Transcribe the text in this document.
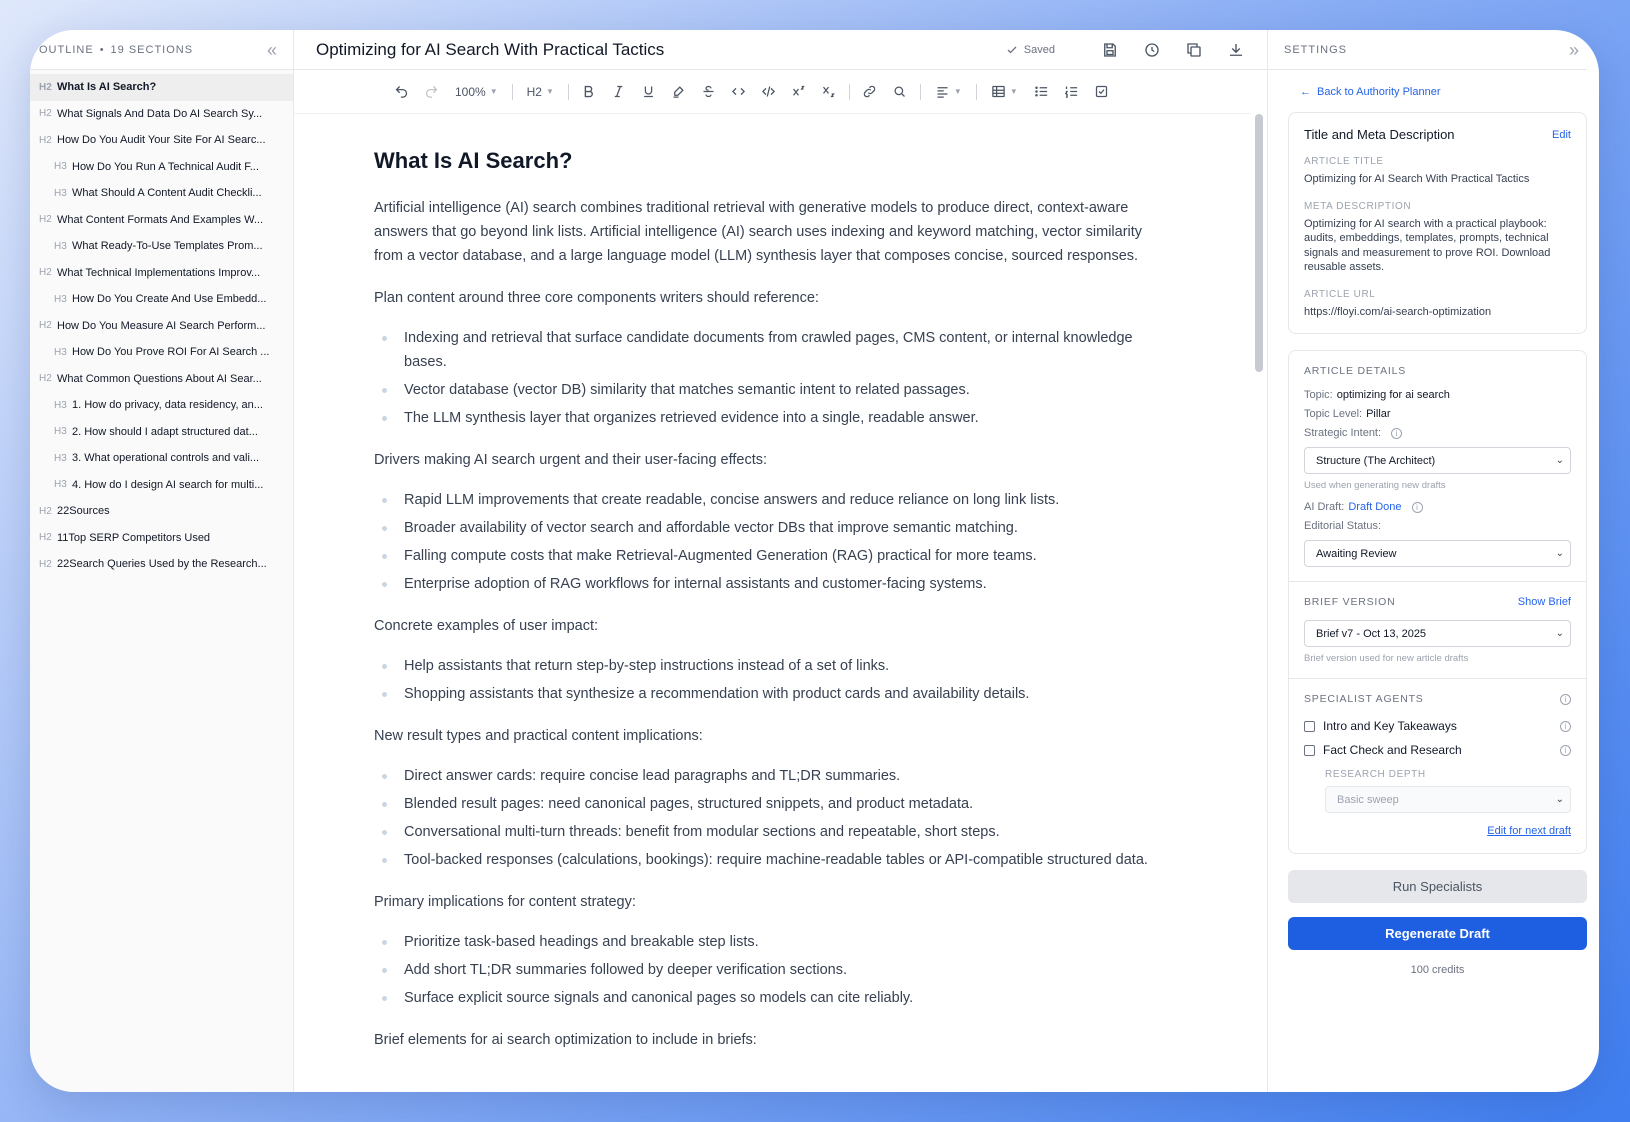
OUTLINE • 19 SECTIONS	«
H2 What Is AI Search?
H2 What Signals And Data Do AI Search Sy...
H2 How Do You Audit Your Site For AI Searc...
H3 How Do You Run A Technical Audit F...
H3 What Should A Content Audit Checkli...
H2 What Content Formats And Examples W...
H3 What Ready-To-Use Templates Prom...
H2 What Technical Implementations Improv...
H3 How Do You Create And Use Embedd...
H2 How Do You Measure AI Search Perform...
H3 How Do You Prove ROI For AI Search ...
H2 What Common Questions About AI Sear...
H3 1. How do privacy, data residency, an...
H3 2. How should I adapt structured dat...
H3 3. What operational controls and vali...
H3 4. How do I design AI search for multi...
H2 22Sources
H2 11Top SERP Competitors Used
H2 22Search Queries Used by the Research...
Optimizing for AI Search With Practical Tactics	Saved
100% ▼ H2 ▼	▼	▼
What Is AI Search?

Artificial intelligence (AI) search combines traditional retrieval with generative models to produce direct, context-aware answers that go beyond link lists. Artificial intelligence (AI) search uses indexing and keyword matching, vector similarity from a vector database, and a large language model (LLM) synthesis layer that composes concise, sourced responses.

Plan content around three core components writers should reference:

Indexing and retrieval that surface candidate documents from crawled pages, CMS content, or internal knowledge bases.
Vector database (vector DB) similarity that matches semantic intent to related passages.
The LLM synthesis layer that organizes retrieved evidence into a single, readable answer.

Drivers making AI search urgent and their user-facing effects:

Rapid LLM improvements that create readable, concise answers and reduce reliance on long link lists.
Broader availability of vector search and affordable vector DBs that improve semantic matching.
Falling compute costs that make Retrieval-Augmented Generation (RAG) practical for more teams.
Enterprise adoption of RAG workflows for internal assistants and customer-facing systems.

Concrete examples of user impact:

Help assistants that return step-by-step instructions instead of a set of links.
Shopping assistants that synthesize a recommendation with product cards and availability details.

New result types and practical content implications:

Direct answer cards: require concise lead paragraphs and TL;DR summaries.
Blended result pages: need canonical pages, structured snippets, and product metadata.
Conversational multi-turn threads: benefit from modular sections and repeatable, short steps.
Tool-backed responses (calculations, bookings): require machine-readable tables or API-compatible structured data.

Primary implications for content strategy:

Prioritize task-based headings and breakable step lists.
Add short TL;DR summaries followed by deeper verification sections.
Surface explicit source signals and canonical pages so models can cite reliably.

Brief elements for ai search optimization to include in briefs:

SETTINGS	»
← Back to Authority Planner
Title and Meta Description	Edit
ARTICLE TITLE
Optimizing for AI Search With Practical Tactics
META DESCRIPTION
Optimizing for AI search with a practical playbook: audits, embeddings, templates, prompts, technical signals and measurement to prove ROI. Download reusable assets.
ARTICLE URL
https://floyi.com/ai-search-optimization
ARTICLE DETAILS
Topic: optimizing for ai search
Topic Level: Pillar
Strategic Intent:	i
Structure (The Architect)	⌄
Used when generating new drafts
AI Draft: Draft Done	i
Editorial Status:
Awaiting Review	⌄
BRIEF VERSION	Show Brief
Brief v7 - Oct 13, 2025	⌄
Brief version used for new article drafts
SPECIALIST AGENTS	i
Intro and Key Takeaways	i
Fact Check and Research	i
RESEARCH DEPTH
Basic sweep	⌄
Edit for next draft
Run Specialists
Regenerate Draft
100 credits
